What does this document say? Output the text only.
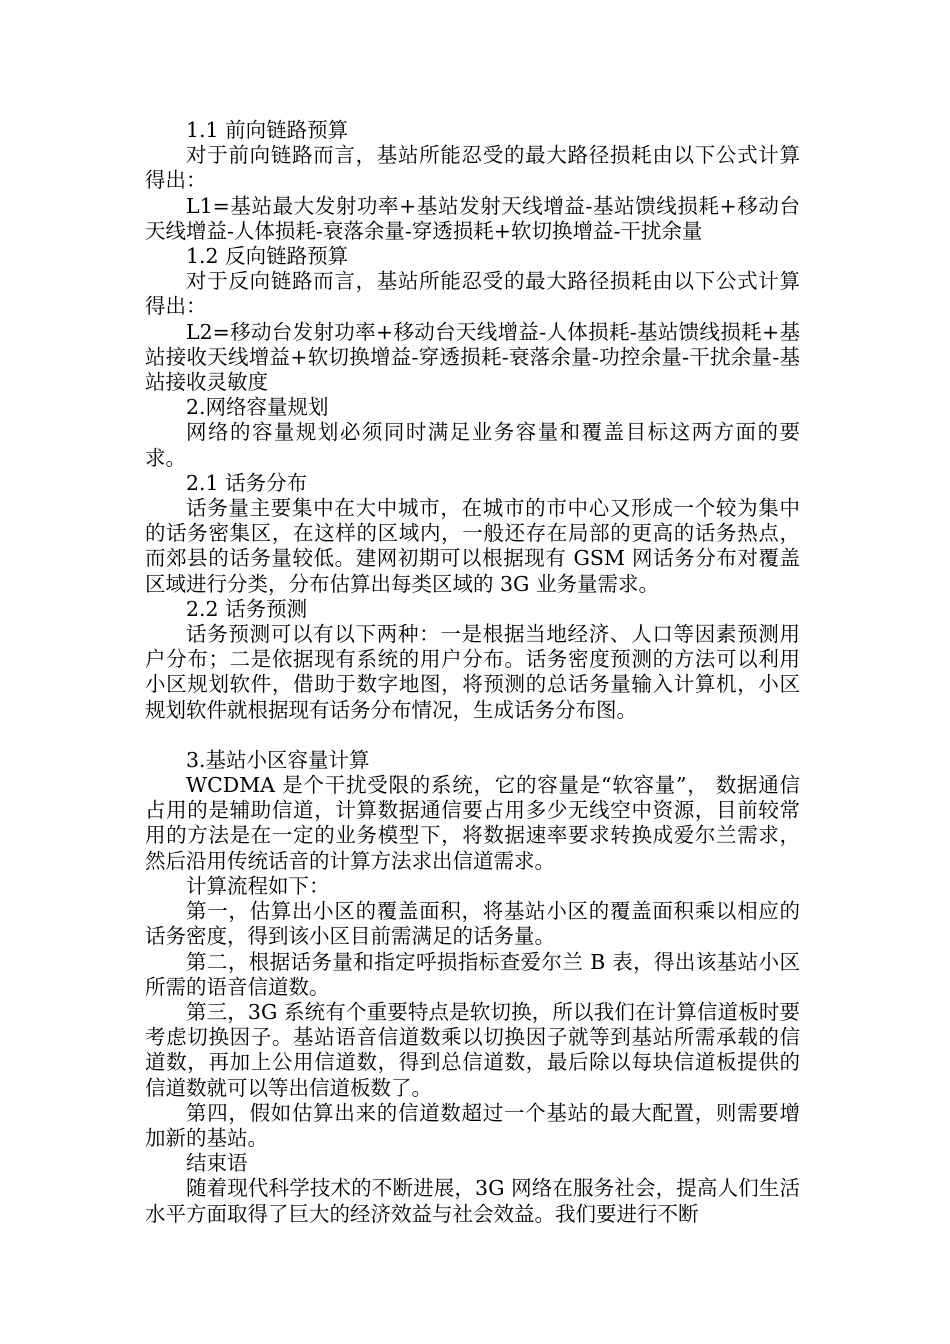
1.1 前向链路预算

对于前向链路而言，基站所能忍受的最大路径损耗由以下公式计算得出：

L1=基站最大发射功率+基站发射天线增益-基站馈线损耗+移动台天线增益-人体损耗-衰落余量-穿透损耗+软切换增益-干扰余量

1.2 反向链路预算

对于反向链路而言，基站所能忍受的最大路径损耗由以下公式计算得出：

L2=移动台发射功率+移动台天线增益-人体损耗-基站馈线损耗+基站接收天线增益+软切换增益-穿透损耗-衰落余量-功控余量-干扰余量-基站接收灵敏度

2.网络容量规划

网络的容量规划必须同时满足业务容量和覆盖目标这两方面的要求。

2.1 话务分布

话务量主要集中在大中城市，在城市的市中心又形成一个较为集中的话务密集区，在这样的区域内，一般还存在局部的更高的话务热点，而郊县的话务量较低。建网初期可以根据现有 GSM 网话务分布对覆盖区域进行分类，分布估算出每类区域的 3G 业务量需求。

2.2 话务预测

话务预测可以有以下两种：一是根据当地经济、人口等因素预测用户分布；二是依据现有系统的用户分布。话务密度预测的方法可以利用小区规划软件，借助于数字地图，将预测的总话务量输入计算机，小区规划软件就根据现有话务分布情况，生成话务分布图。

3.基站小区容量计算

WCDMA 是个干扰受限的系统，它的容量是“软容量”， 数据通信占用的是辅助信道，计算数据通信要占用多少无线空中资源，目前较常用的方法是在一定的业务模型下，将数据速率要求转换成爱尔兰需求，然后沿用传统话音的计算方法求出信道需求。

计算流程如下：

第一，估算出小区的覆盖面积，将基站小区的覆盖面积乘以相应的话务密度，得到该小区目前需满足的话务量。

第二，根据话务量和指定呼损指标查爱尔兰 B 表，得出该基站小区所需的语音信道数。

第三，3G 系统有个重要特点是软切换，所以我们在计算信道板时要考虑切换因子。基站语音信道数乘以切换因子就等到基站所需承载的信道数，再加上公用信道数，得到总信道数，最后除以每块信道板提供的信道数就可以等出信道板数了。

第四，假如估算出来的信道数超过一个基站的最大配置，则需要增加新的基站。

结束语

随着现代科学技术的不断进展，3G 网络在服务社会，提高人们生活水平方面取得了巨大的经济效益与社会效益。我们要进行不断
